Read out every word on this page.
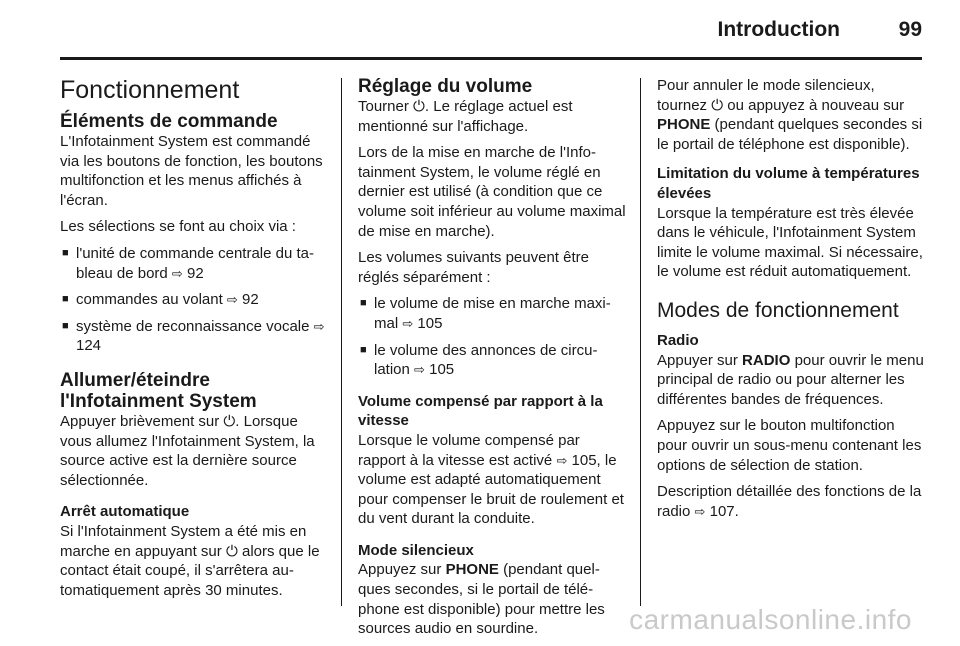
Introduction	99
Fonctionnement
Éléments de commande

L'Infotainment System est commandé via les boutons de fonction, les boutons multifonction et les menus affichés à l'écran.

Les sélections se font au choix via :

■ l'unité de commande centrale du tableau de bord ⇨ 92
■ commandes au volant ⇨ 92
■ système de reconnaissance vocale ⇨ 124
Allumer/éteindre l'Infotainment System

Appuyer brièvement sur ⏻. Lorsque vous allumez l'Infotainment System, la source active est la dernière source sélectionnée.

Arrêt automatique

Si l'Infotainment System a été mis en marche en appuyant sur ⏻ alors que le contact était coupé, il s'arrêtera automatiquement après 30 minutes.

Réglage du volume

Tourner ⏻. Le réglage actuel est mentionné sur l'affichage.

Lors de la mise en marche de l'Infotainment System, le volume réglé en dernier est utilisé (à condition que ce volume soit inférieur au volume maximal de mise en marche).

Les volumes suivants peuvent être réglés séparément :

■ le volume de mise en marche maximal ⇨ 105
■ le volume des annonces de circulation ⇨ 105
Volume compensé par rapport à la vitesse

Lorsque le volume compensé par rapport à la vitesse est activé ⇨ 105, le volume est adapté automatiquement pour compenser le bruit de roulement et du vent durant la conduite.

Mode silencieux

Appuyez sur PHONE (pendant quelques secondes, si le portail de téléphone est disponible) pour mettre les sources audio en sourdine.

Pour annuler le mode silencieux, tournez ⏻ ou appuyez à nouveau sur PHONE (pendant quelques secondes si le portail de téléphone est disponible).

Limitation du volume à températures élevées

Lorsque la température est très élevée dans le véhicule, l'Infotainment System limite le volume maximal. Si nécessaire, le volume est réduit automatiquement.

Modes de fonctionnement
Radio

Appuyer sur RADIO pour ouvrir le menu principal de radio ou pour alterner les différentes bandes de fréquences.

Appuyez sur le bouton multifonction pour ouvrir un sous-menu contenant les options de sélection de station.

Description détaillée des fonctions de la radio ⇨ 107.

carmanualsonline.info
